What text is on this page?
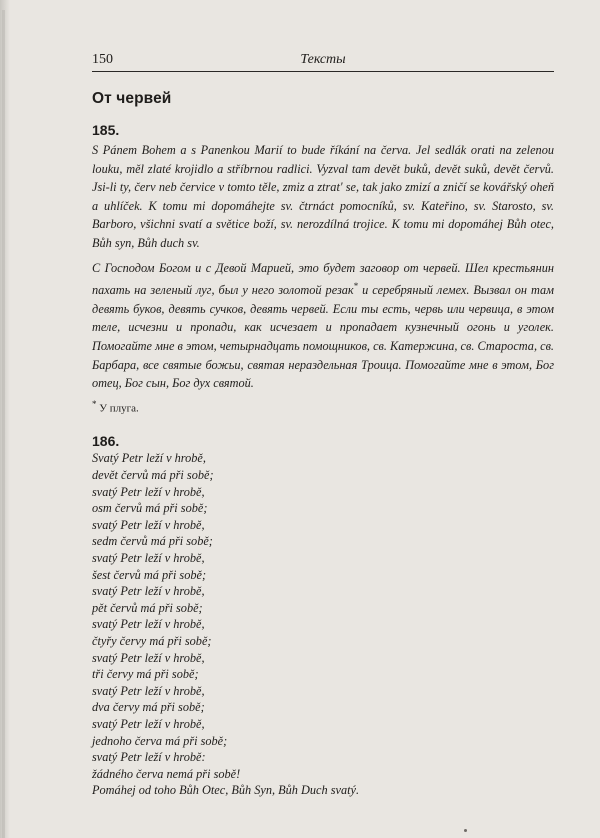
150	Тексты
От червей
185.

S Pánem Bohem a s Panenkou Marií to bude říkání na červa. Jel sedlák orati na zelenou louku, měl zlaté krojidlo a stříbrnou radlici. Vyzval tam devět buků, devět suků, devět červů. Jsi-li ty, červ neb červice v tomto těle, zmiz a ztrat' se, tak jako zmizí a zničí se kovářský oheň a uhlíček. K tomu mi dopomáhejte sv. čtrnáct pomocníků, sv. Kateřino, sv. Starosto, sv. Barboro, všichni svatí a světice boží, sv. nerozdílná trojice. K tomu mi dopomáhej Bůh otec, Bůh syn, Bůh duch sv.

С Господом Богом и с Девой Марией, это будет заговор от червей. Шел крестьянин пахать на зеленый луг, был у него золотой резак* и серебряный лемех. Вызвал он там девять буков, девять сучков, девять червей. Если ты есть, червь или червица, в этом теле, исчезни и пропади, как исчезает и пропадает кузнечный огонь и уголек. Помогайте мне в этом, четырнадцать помощников, св. Катержина, св. Староста, св. Барбара, все святые божьи, святая нераздельная Троица. Помогайте мне в этом, Бог отец, Бог сын, Бог дух святой.

* У плуга.
186.
Svatý Petr leží v hrobě,
devět červů má při sobě;
svatý Petr leží v hrobě,
osm červů má při sobě;
svatý Petr leží v hrobě,
sedm červů má při sobě;
svatý Petr leží v hrobě,
šest červů má při sobě;
svatý Petr leží v hrobě,
pět červů má při sobě;
svatý Petr leží v hrobě,
čtyřy červy má při sobě;
svatý Petr leží v hrobě,
tři červy má při sobě;
svatý Petr leží v hrobě,
dva červy má při sobě;
svatý Petr leží v hrobě,
jednoho červa má při sobě;
svatý Petr leží v hrobě:
žádného červa nemá při sobě!
Pomáhej od toho Bůh Otec, Bůh Syn, Bůh Duch svatý.
